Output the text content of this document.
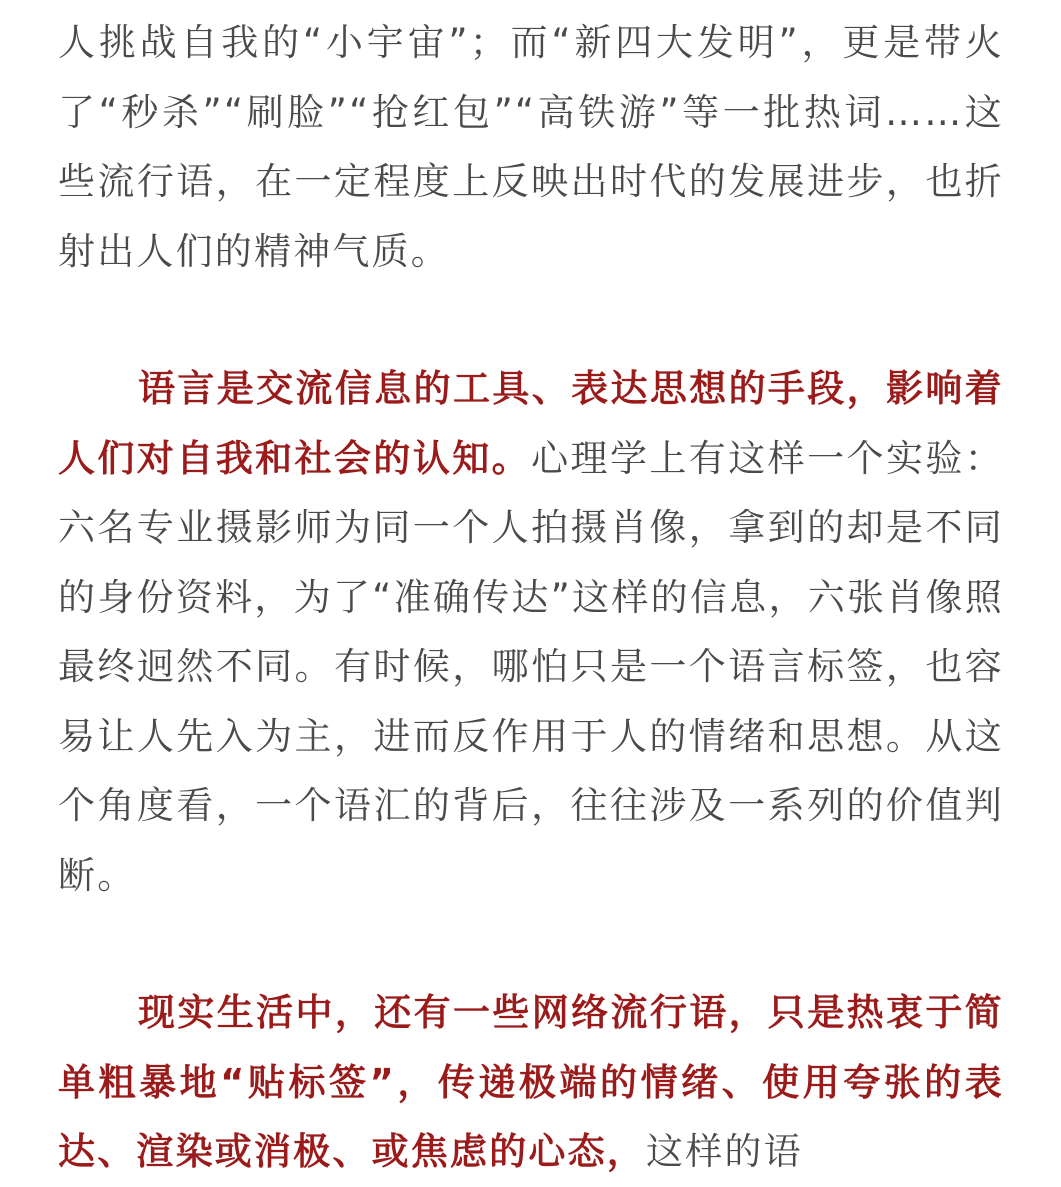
人挑战自我的“小宇宙”；而“新四大发明”，更是带火了“秒杀”“刷脸”“抢红包”“高铁游”等一批热词……这些流行语，在一定程度上反映出时代的发展进步，也折射出人们的精神气质。

语言是交流信息的工具、表达思想的手段，影响着人们对自我和社会的认知。心理学上有这样一个实验：六名专业摄影师为同一个人拍摄肖像，拿到的却是不同的身份资料，为了“准确传达”这样的信息，六张肖像照最终迥然不同。有时候，哪怕只是一个语言标签，也容易让人先入为主，进而反作用于人的情绪和思想。从这个角度看，一个语汇的背后，往往涉及一系列的价值判断。

现实生活中，还有一些网络流行语，只是热衷于简单粗暴地“贴标签”，传递极端的情绪、使用夸张的表达、渲染或消极、或焦虑的心态，这样的语
